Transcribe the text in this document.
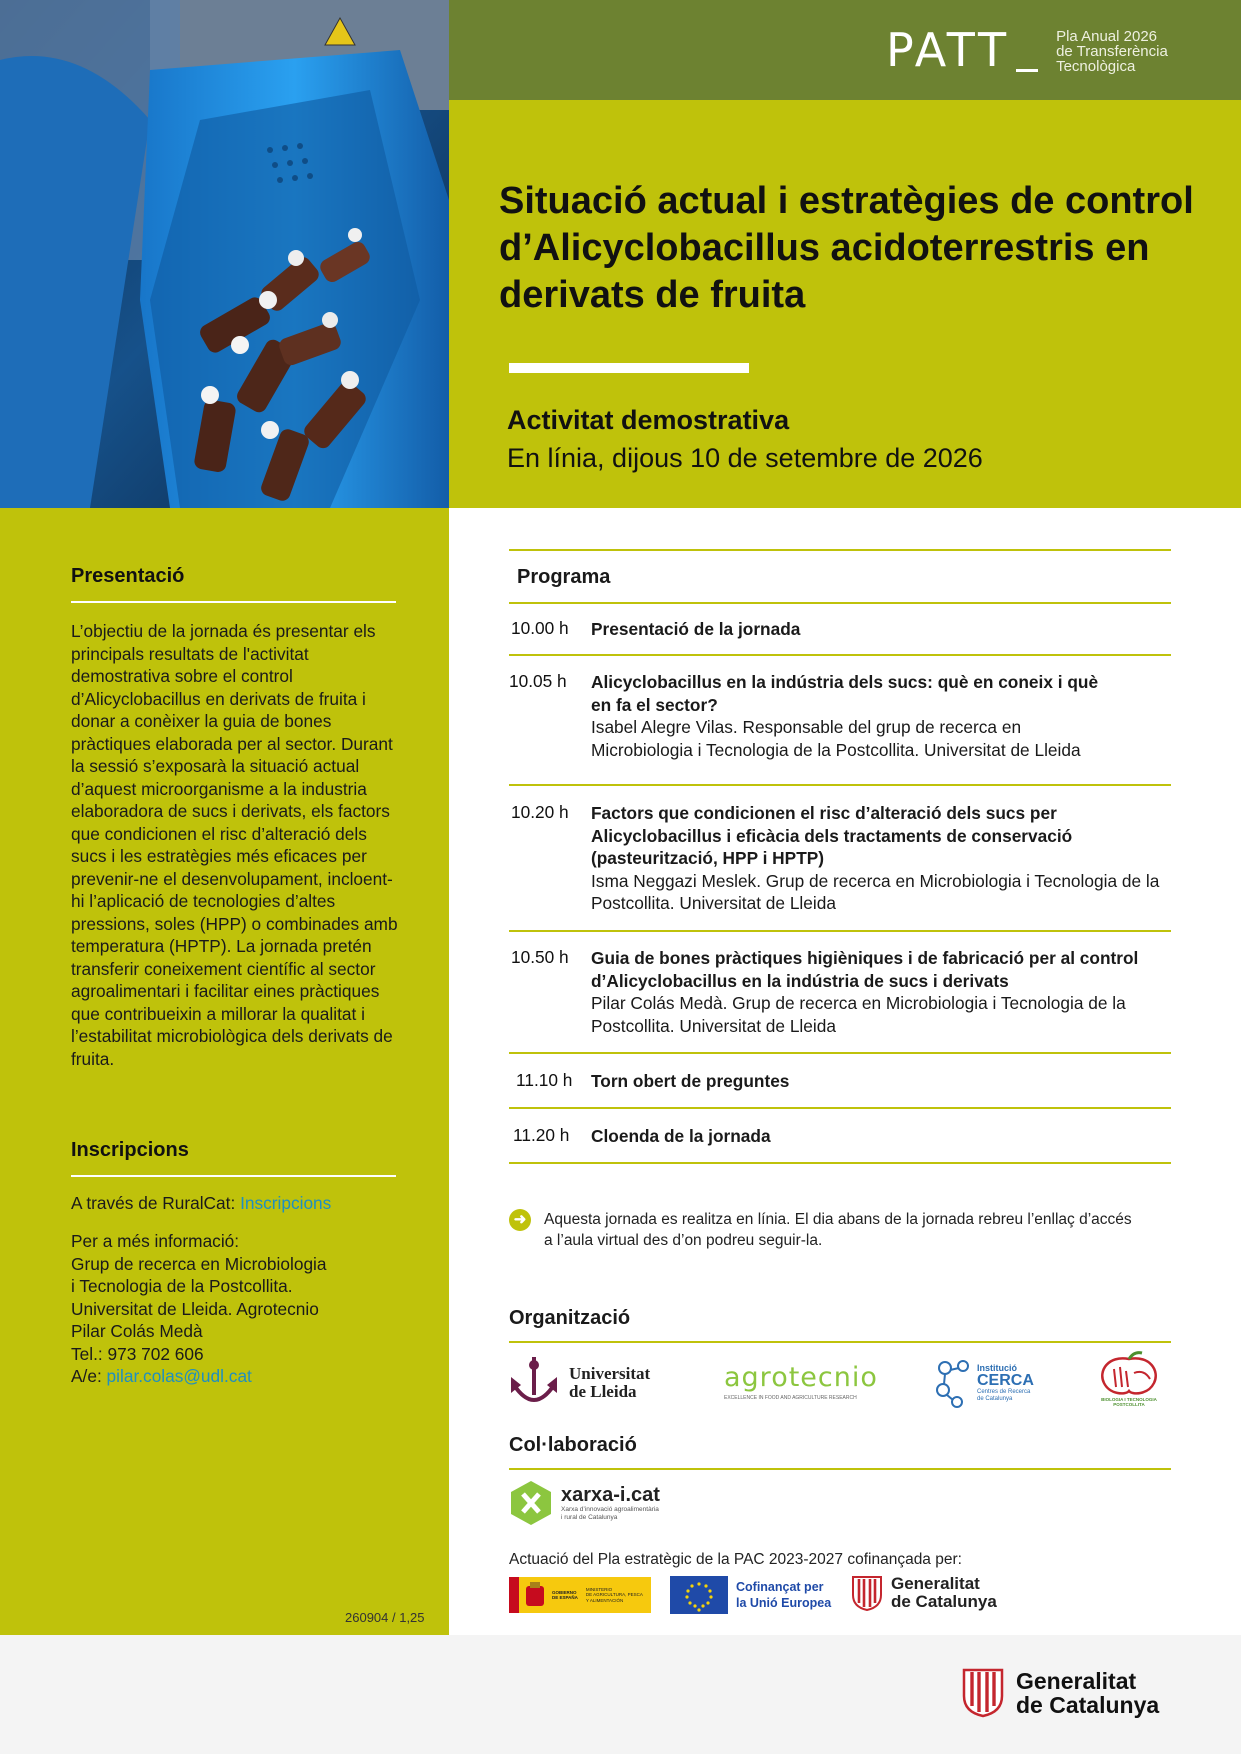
PATT	Pla Anual 2026
de Transferència
Tecnològica
Situació actual i estratègies de control d’Alicyclobacillus acidoterrestris en derivats de fruita
Activitat demostrativa
En línia, dijous 10 de setembre de 2026
Presentació

L’objectiu de la jornada és presentar els principals resultats de l'activitat demostrativa sobre el control d’Alicyclobacillus en derivats de fruita i donar a conèixer la guia de bones pràctiques elaborada per al sector. Durant la sessió s’exposarà la situació actual d’aquest microorganisme a la industria elaboradora de sucs i derivats, els factors que condicionen el risc d’alteració dels sucs i les estratègies més eficaces per prevenir-ne el desenvolupament, incloent-hi l’aplicació de tecnologies d’altes pressions, soles (HPP) o combinades amb temperatura (HPTP). La jornada pretén transferir coneixement científic al sector agroalimentari i facilitar eines pràctiques que contribueixin a millorar la qualitat i l’estabilitat microbiològica dels derivats de fruita.

Inscripcions
A través de RuralCat: Inscripcions
Per a més informació:
Grup de recerca en Microbiologia
i Tecnologia de la Postcollita.
Universitat de Lleida. Agrotecnio
Pilar Colás Medà
Tel.: 973 702 606
A/e: pilar.colas@udl.cat
260904 / 1,25
Programa
10.00 h Presentació de la jornada
10.05 h Alicyclobacillus en la indústria dels sucs: què en coneix i què en fa el sector?
Isabel Alegre Vilas. Responsable del grup de recerca en Microbiologia i Tecnologia de la Postcollita. Universitat de Lleida
10.20 h Factors que condicionen el risc d’alteració dels sucs per Alicyclobacillus i eficàcia dels tractaments de conservació (pasteurització, HPP i HPTP)
Isma Neggazi Meslek. Grup de recerca en Microbiologia i Tecnologia de la Postcollita. Universitat de Lleida
10.50 h Guia de bones pràctiques higièniques i de fabricació per al control d’Alicyclobacillus en la indústria de sucs i derivats
Pilar Colás Medà. Grup de recerca en Microbiologia i Tecnologia de la Postcollita. Universitat de Lleida
11.10 h Torn obert de preguntes
11.20 h Cloenda de la jornada
➜	Aquesta jornada es realitza en línia. El dia abans de la jornada rebreu l’enllaç d’accés a l’aula virtual des d’on podreu seguir-la.
Organització
Universitat
de Lleida	agrotecnio
EXCELLENCE IN FOOD AND AGRICULTURE RESEARCH
Institució
CERCA
Centres de Recerca
de Catalunya	BIOLOGIA I TECNOLOGIA
POSTCOLLITA
Col·laboració
xarxa-i.cat
Xarxa d’innovació agroalimentària
i rural de Catalunya
Actuació del Pla estratègic de la PAC 2023-2027 cofinançada per:
GOBIERNO
DE ESPAÑA
MINISTERIO
DE AGRICULTURA, PESCA
Y ALIMENTACIÓN
Cofinançat per
la Unió Europea
Generalitat
de Catalunya
Generalitat
de Catalunya
